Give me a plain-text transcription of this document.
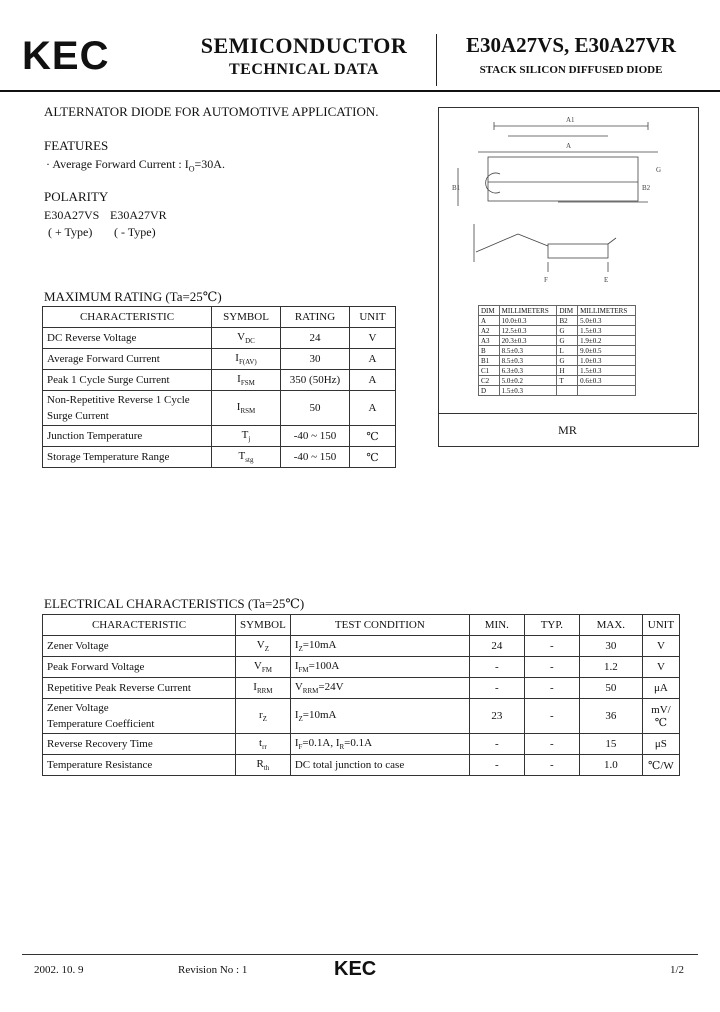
KEC	SEMICONDUCTOR
TECHNICAL DATA
E30A27VS, E30A27VR
STACK SILICON DIFFUSED DIODE
ALTERNATOR DIODE FOR AUTOMOTIVE APPLICATION.
FEATURES
· Average Forward Current : $I_O=30A$.
POLARITY
E30A27VS E30A27VR
( + Type) ( - Type)
MAXIMUM RATING (Ta=25℃)
CHARACTERISTIC	SYMBOL	RATING	UNIT
DC Reverse Voltage	$V_{DC}$	24	V
Average Forward Current	$I_{F(AV)}$	30	A
Peak 1 Cycle Surge Current	$I_{FSM}$	350 (50Hz)	A
Non-Repetitive Reverse 1 Cycle
Surge Current	$I_{RSM}$	50	A
Junction Temperature	$T_j$	-40 ~ 150	℃
Storage Temperature Range	$T_{stg}$	-40 ~ 150	℃
A1
A
B1	B2
G
F	E
DIM	MILLIMETERS	DIM	MILLIMETERS
A	10.0±0.3	B2	5.0±0.3
A2	12.5±0.3	G	1.5±0.3
A3	20.3±0.3	G	1.9±0.2
B	8.5±0.3	L	9.0±0.5
B1	8.5±0.3	G	1.0±0.3
C1	6.3±0.3	H	1.5±0.3
C2	5.0±0.2	T	0.6±0.3
D	1.5±0.3		
MR
ELECTRICAL CHARACTERISTICS (Ta=25℃)
CHARACTERISTIC	SYMBOL	TEST CONDITION	MIN.	TYP.	MAX.	UNIT
Zener Voltage	$V_Z$	$I_Z=10mA$	24	-	30	V
Peak Forward Voltage	$V_{FM}$	$I_{FM}=100A$	-	-	1.2	V
Repetitive Peak Reverse Current	$I_{RRM}$	$V_{RRM}=24V$	-	-	50	μA
Zener Voltage
Temperature Coefficient	$r_Z$	$I_Z=10mA$	23	-	36	mV/℃
Reverse Recovery Time	$t_{rr}$	$I_F=0.1A$, $I_R=0.1A$	-	-	15	μS
Temperature Resistance	$R_{th}$	DC total junction to case	-	-	1.0	℃/W
2002. 10. 9	Revision No : 1	KEC	1/2
